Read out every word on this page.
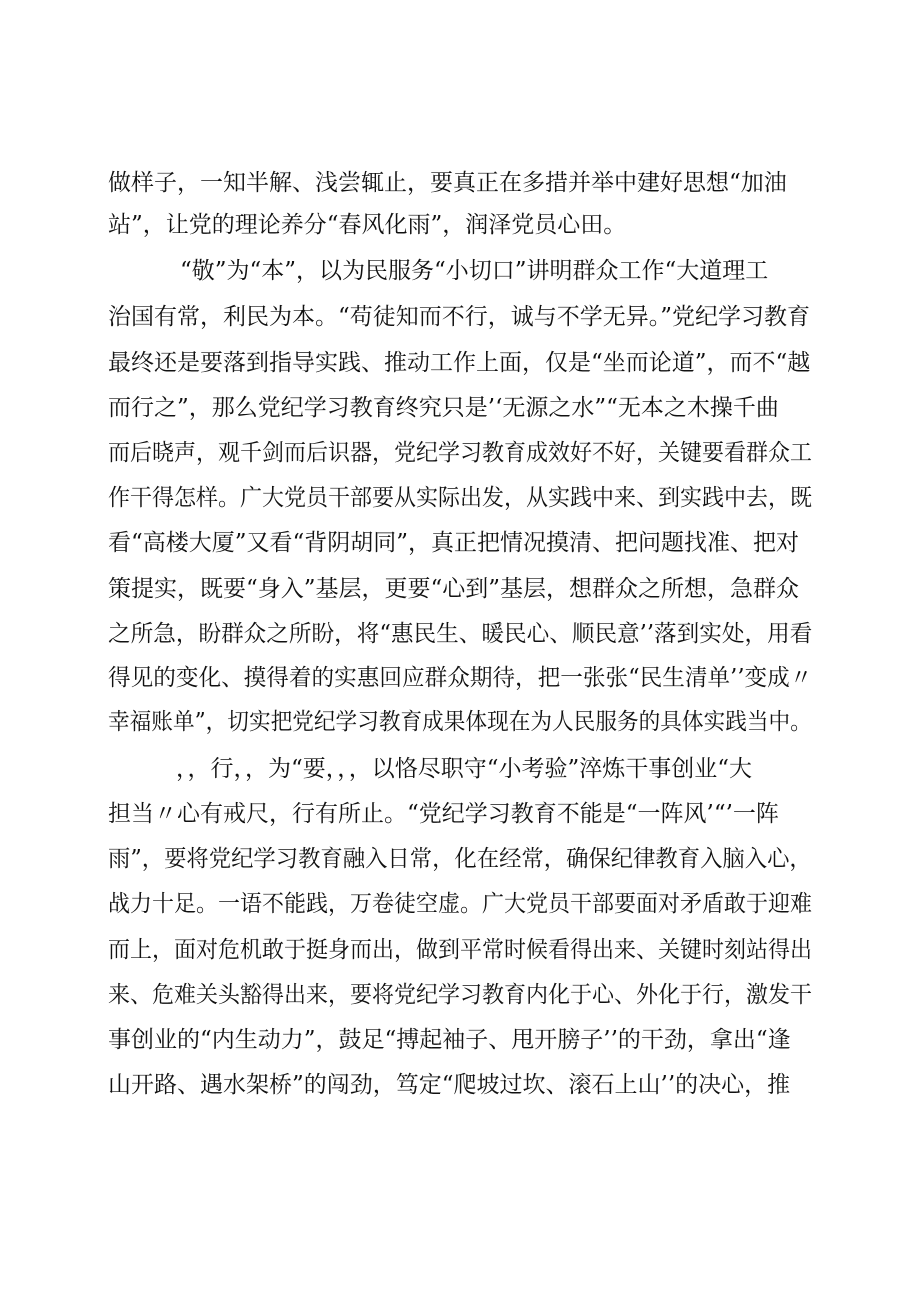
做样子，一知半解、浅尝辄止，要真正在多措并举中建好思想“加油
站”，让党的理论养分“春风化雨”，润泽党员心田。
“敬”为“本”，以为民服务“小切口”讲明群众工作“大道理工
治国有常，利民为本。“苟徒知而不行，诚与不学无异。”党纪学习教育
最终还是要落到指导实践、推动工作上面，仅是“坐而论道”，而不“越
而行之”，那么党纪学习教育终究只是’‘无源之水”“无本之木操千曲
而后晓声，观千剑而后识器，党纪学习教育成效好不好，关键要看群众工
作干得怎样。广大党员干部要从实际出发，从实践中来、到实践中去，既
看“高楼大厦”又看“背阴胡同”，真正把情况摸清、把问题找准、把对
策提实，既要“身入”基层，更要“心到”基层，想群众之所想，急群众
之所急，盼群众之所盼，将“惠民生、暖民心、顺民意’’落到实处，用看
得见的变化、摸得着的实惠回应群众期待，把一张张“民生清单’’变成〃
幸福账单”，切实把党纪学习教育成果体现在为人民服务的具体实践当中。
，，行，，为“要，，，以恪尽职守“小考验”淬炼干事创业“大
担当〃心有戒尺，行有所止。“党纪学习教育不能是“一阵风’“’一阵
雨”，要将党纪学习教育融入日常，化在经常，确保纪律教育入脑入心，
战力十足。一语不能践，万卷徒空虚。广大党员干部要面对矛盾敢于迎难
而上，面对危机敢于挺身而出，做到平常时候看得出来、关键时刻站得出
来、危难关头豁得出来，要将党纪学习教育内化于心、外化于行，激发干
事创业的“内生动力”，鼓足“搏起袖子、甩开膀子’’的干劲，拿出“逢
山开路、遇水架桥”的闯劲，笃定“爬坡过坎、滚石上山’’的决心，推
